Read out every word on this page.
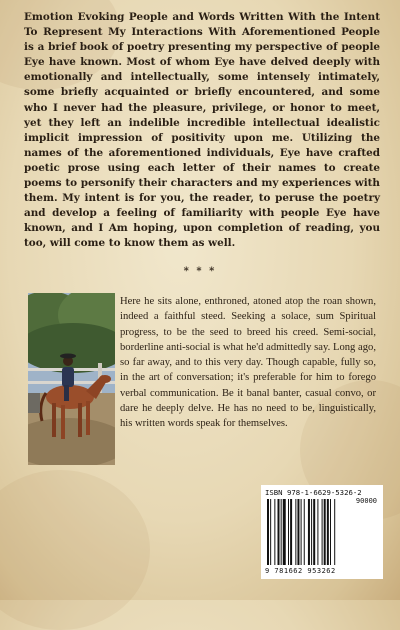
Emotion Evoking People and Words Written With the Intent To Represent My Interactions With Aforementioned People is a brief book of poetry presenting my perspective of people Eye have known. Most of whom Eye have delved deeply with emotionally and intellectually, some intensely intimately, some briefly acquainted or briefly encountered, and some who I never had the pleasure, privilege, or honor to meet, yet they left an indelible incredible intellectual idealistic implicit impression of positivity upon me. Utilizing the names of the aforementioned individuals, Eye have crafted poetic prose using each letter of their names to create poems to personify their characters and my experiences with them. My intent is for you, the reader, to peruse the poetry and develop a feeling of familiarity with people Eye have known, and I Am hoping, upon completion of reading, you too, will come to know them as well.

* * *

Here he sits alone, enthroned, atoned atop the roan shown, indeed a faithful steed. Seeking a solace, sum Spiritual progress, to be the seed to breed his creed. Semi-social, borderline anti-social is what he'd admittedly say. Long ago, so far away, and to this very day. Though capable, fully so, in the art of conversation; it's preferable for him to forego verbal communication. Be it banal banter, casual convo, or dare he deeply delve. He has no need to be, linguistically, his written words speak for themselves.

ISBN 978-1-6629-5326-2
90000
9 781662 953262
